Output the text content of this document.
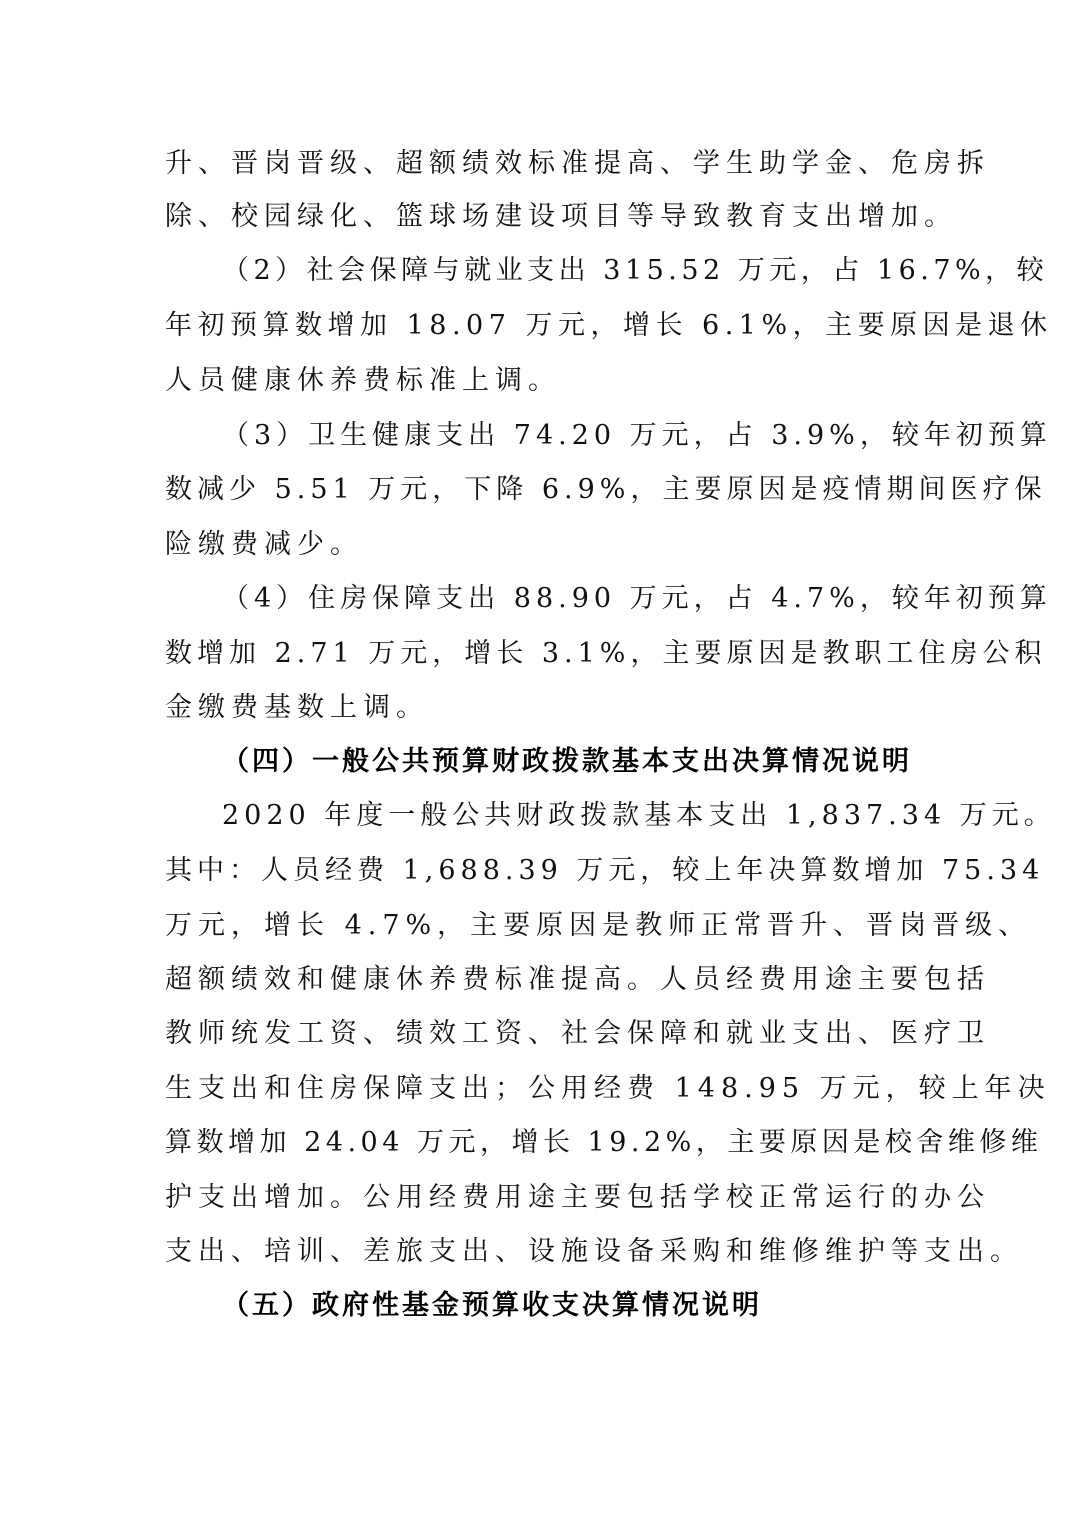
升、晋岗晋级、超额绩效标准提高、学生助学金、危房拆
除、校园绿化、篮球场建设项目等导致教育支出增加。
（2）社会保障与就业支出 315.52 万元，占 16.7%，较
年初预算数增加 18.07 万元，增长 6.1%，主要原因是退休
人员健康休养费标准上调。
（3）卫生健康支出 74.20 万元，占 3.9%，较年初预算
数减少 5.51 万元，下降 6.9%，主要原因是疫情期间医疗保
险缴费减少。
（4）住房保障支出 88.90 万元，占 4.7%，较年初预算
数增加 2.71 万元，增长 3.1%，主要原因是教职工住房公积
金缴费基数上调。
（四）一般公共预算财政拨款基本支出决算情况说明
2020 年度一般公共财政拨款基本支出 1,837.34 万元。
其中：人员经费 1,688.39 万元，较上年决算数增加 75.34
万元，增长 4.7%，主要原因是教师正常晋升、晋岗晋级、
超额绩效和健康休养费标准提高。人员经费用途主要包括
教师统发工资、绩效工资、社会保障和就业支出、医疗卫
生支出和住房保障支出；公用经费 148.95 万元，较上年决
算数增加 24.04 万元，增长 19.2%，主要原因是校舍维修维
护支出增加。公用经费用途主要包括学校正常运行的办公
支出、培训、差旅支出、设施设备采购和维修维护等支出。
（五）政府性基金预算收支决算情况说明
